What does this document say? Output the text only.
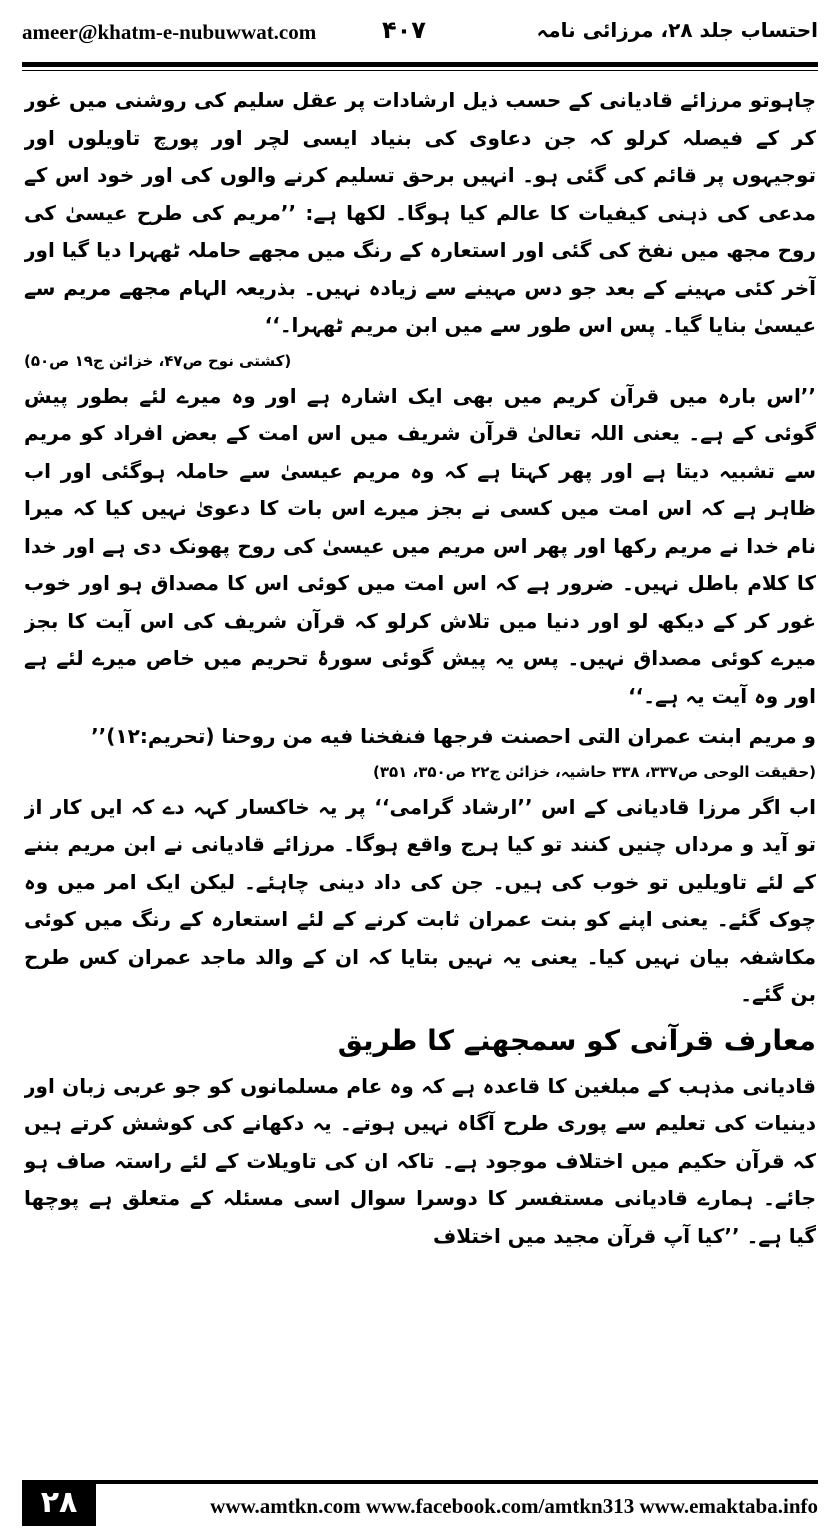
ameer@khatm-e-nubuwwat.com	۴۰۷	احتساب جلد ۲۸، مرزائی نامہ

چاہوتو مرزائے قادیانی کے حسب ذیل ارشادات پر عقل سلیم کی روشنی میں غور کر کے فیصلہ کرلو کہ جن دعاوی کی بنیاد ایسی لچر اور پورچ تاویلوں اور توجیہوں پر قائم کی گئی ہو۔ انہیں برحق تسلیم کرنے والوں کی اور خود اس کے مدعی کی ذہنی کیفیات کا عالم کیا ہوگا۔ لکھا ہے: ’’مریم کی طرح عیسیٰ کی روح مجھ میں نفخ کی گئی اور استعارہ کے رنگ میں مجھے حاملہ ٹھہرا دیا گیا اور آخر کئی مہینے کے بعد جو دس مہینے سے زیادہ نہیں۔ بذریعہ الہام مجھے مریم سے عیسیٰ بنایا گیا۔ پس اس طور سے میں ابن مریم ٹھہرا۔‘‘

(کشتی نوح ص۴۷، خزائن ج۱۹ ص۵۰)

’’اس بارہ میں قرآن کریم میں بھی ایک اشارہ ہے اور وہ میرے لئے بطور پیش گوئی کے ہے۔ یعنی اللہ تعالیٰ قرآن شریف میں اس امت کے بعض افراد کو مریم سے تشبیہ دیتا ہے اور پھر کہتا ہے کہ وہ مریم عیسیٰ سے حاملہ ہوگئی اور اب ظاہر ہے کہ اس امت میں کسی نے بجز میرے اس بات کا دعویٰ نہیں کیا کہ میرا نام خدا نے مریم رکھا اور پھر اس مریم میں عیسیٰ کی روح پھونک دی ہے اور خدا کا کلام باطل نہیں۔ ضرور ہے کہ اس امت میں کوئی اس کا مصداق ہو اور خوب غور کر کے دیکھ لو اور دنیا میں تلاش کرلو کہ قرآن شریف کی اس آیت کا بجز میرے کوئی مصداق نہیں۔ پس یہ پیش گوئی سورۂ تحریم میں خاص میرے لئے ہے اور وہ آیت یہ ہے۔‘‘

و مریم ابنت عمران التی احصنت فرجها فنفخنا فیه من روحنا (تحریم:۱۲)’’

(حقیقت الوحی ص۳۳۷، ۳۳۸ حاشیہ، خزائن ج۲۲ ص۳۵۰، ۳۵۱)

اب اگر مرزا قادیانی کے اس ’’ارشاد گرامی‘‘ پر یہ خاکسار کہہ دے کہ ایں کار از تو آید و مرداں چنیں کنند تو کیا ہرج واقع ہوگا۔ مرزائے قادیانی نے ابن مریم بننے کے لئے تاویلیں تو خوب کی ہیں۔ جن کی داد دینی چاہئے۔ لیکن ایک امر میں وہ چوک گئے۔ یعنی اپنے کو بنت عمران ثابت کرنے کے لئے استعارہ کے رنگ میں کوئی مکاشفہ بیان نہیں کیا۔ یعنی یہ نہیں بتایا کہ ان کے والد ماجد عمران کس طرح بن گئے۔

معارف قرآنی کو سمجھنے کا طریق

قادیانی مذہب کے مبلغین کا قاعدہ ہے کہ وہ عام مسلمانوں کو جو عربی زبان اور دینیات کی تعلیم سے پوری طرح آگاہ نہیں ہوتے۔ یہ دکھانے کی کوشش کرتے ہیں کہ قرآن حکیم میں اختلاف موجود ہے۔ تاکہ ان کی تاویلات کے لئے راستہ صاف ہو جائے۔ ہمارے قادیانی مستفسر کا دوسرا سوال اسی مسئلہ کے متعلق ہے پوچھا گیا ہے۔ ’’کیا آپ قرآن مجید میں اختلاف

۲۸	www.amtkn.com www.facebook.com/amtkn313 www.emaktaba.info
